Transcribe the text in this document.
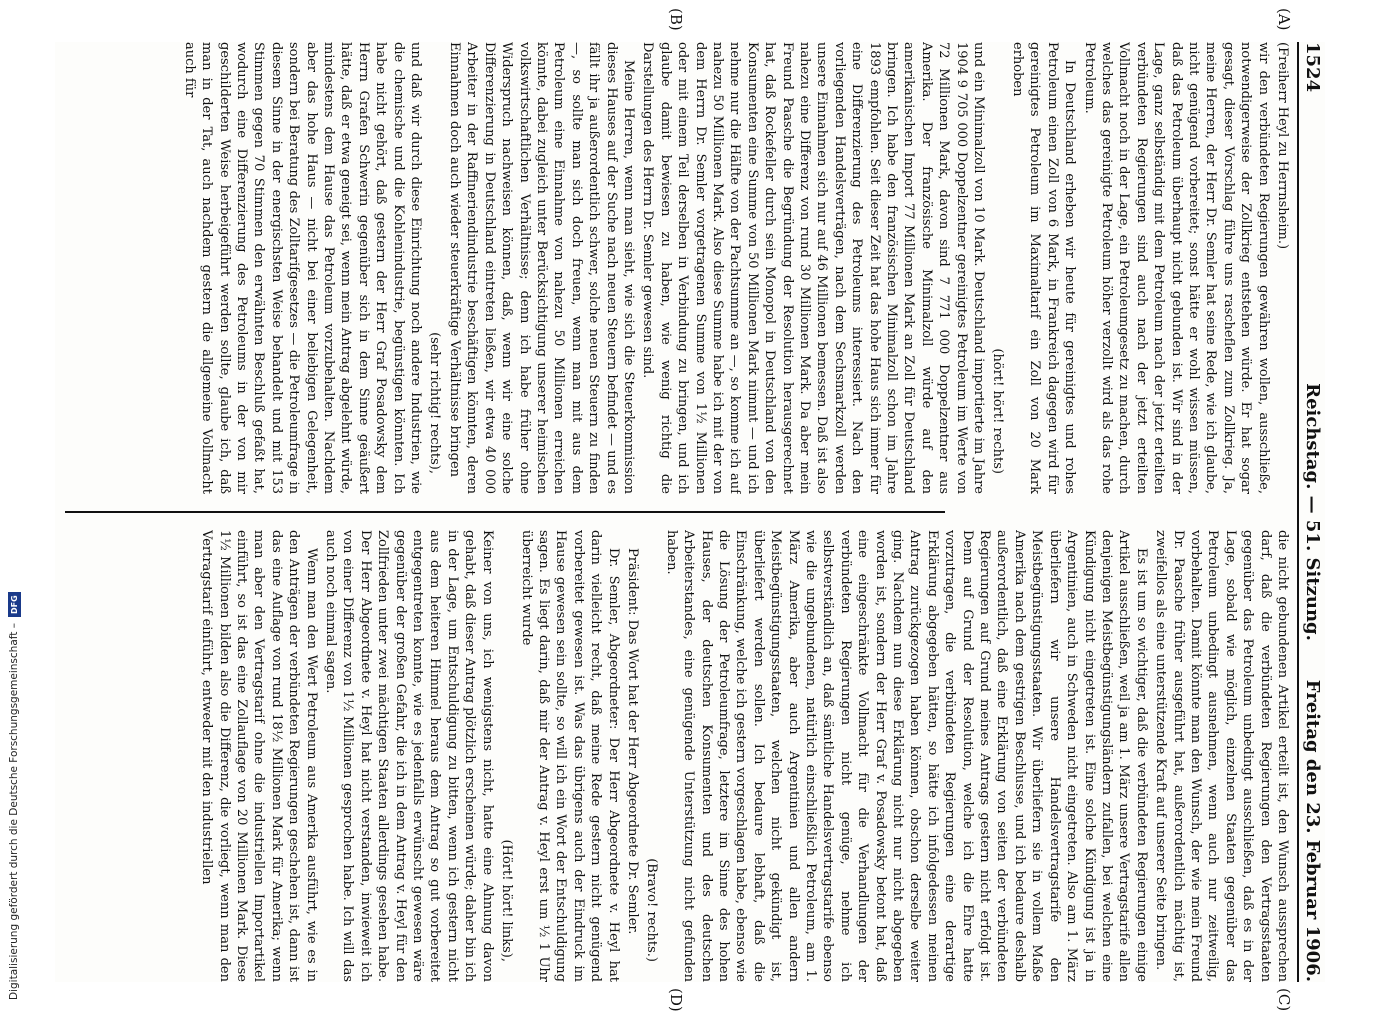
1524
Reichstag. — 51. Sitzung.
Freitag den 23. Februar 1906.
(A)
(B)
(C)
(D)

(Freiherr Heyl zu Herrnsheim.)

wir den verbündeten Regierungen gewähren wollen, ausschließe, notwendigerweise der Zollkrieg entstehen würde. Er hat sogar gesagt, dieser Vorschlag führe uns rascheflen zum Zollkrieg. Ja, meine Herren, der Herr Dr. Semler hat seine Rede, wie ich glaube, nicht genügend vorbereitet; sonst hätte er wohl wissen müssen, daß das Petroleum überhaupt nicht gebunden ist. Wir sind in der Lage, ganz selbständig mit dem Petroleum nach der jetzt erteilten verbündeten Regierungen sind auch nach der jetzt erteilten Vollmacht noch in der Lage, ein Petroleumgesetz zu machen, durch welches das gereinigte Petroleum höher verzollt wird als das rohe Petroleum.

In Deutschland erheben wir heute für gereinigtes und rohes Petroleum einen Zoll von 6 Mark, in Frankreich dagegen wird für gereinigtes Petroleum im Maximaltarif ein Zoll von 20 Mark erhoben

(hört! hört! rechts)

und ein Minimalzoll von 10 Mark. Deutschland importierte im Jahre 1904 9 705 000 Doppelzentner gereinigtes Petroleum im Werte von 72 Millionen Mark, davon sind 7 771 000 Doppelzentner aus Amerika. Der französische Minimalzoll würde auf den amerikanischen Import 77 Millionen Mark an Zoll für Deutschland bringen. Ich habe den französischen Minimalzoll schon im Jahre 1893 empfohlen. Seit dieser Zeit hat das hohe Haus sich immer für eine Differenzierung des Petroleums interessiert. Nach den vorliegenden Handelsverträgen, nach dem Sechsmarkzoll werden unsere Einnahmen sich nur auf 46 Millionen bemessen. Daß ist also nahezu eine Differenz von rund 30 Millionen Mark. Da aber mein Freund Paasche die Begründung der Resolution herausgerechnet hat, daß Rockefeller durch sein Monopol in Deutschland von den Konsumenten eine Summe von 50 Millionen Mark nimmt — und ich nehme nur die Hälfte von der Pachtsumme an —, so komme ich auf nahezu 50 Millionen Mark. Also diese Summe habe ich mit der von dem Herrn Dr. Semler vorgetragenen Summe von 1½ Millionen oder mit einem Teil derselben in Verbindung zu bringen, und ich glaube damit bewiesen zu haben, wie wenig richtig die Darstellungen des Herrn Dr. Semler gewesen sind.

Meine Herren, wenn man sieht, wie sich die Steuerkommission dieses Hauses auf der Suche nach neuen Steuern befindet — und es fällt ihr ja außerordentlich schwer, solche neuen Steuern zu finden —, so sollte man sich doch freuen, wenn man mit aus dem Petroleum eine Einnahme von nahezu 50 Millionen erreichen könnte, dabei zugleich unter Berücksichtigung unserer heimischen volkswirtschaftlichen Verhältnisse; denn ich habe früher ohne Widerspruch nachweisen können, daß, wenn wir eine solche Differenzierung in Deutschland eintreten ließen, wir etwa 40 000 Arbeiter in der Raffineriendindustrie beschäftigen könnten, deren Einnahmen doch auch wieder steuerkräftige Verhältnisse bringen

(sehr richtig! rechts),

und daß wir durch diese Einrichtung noch andere Industrien, wie die chemische und die Kohlenindustrie, begünstigen könnten. Ich habe nicht gehört, daß gestern der Herr Graf Posadowsky dem Herrn Grafen Schwerin gegenüber sich in dem Sinne geäußert hätte, daß er etwa geneigt sei, wenn mein Antrag abgelehnt würde, mindestens dem Hause das Petroleum vorzubehalten. Nachdem aber das hohe Haus — nicht bei einer beliebigen Gelegenheit, sondern bei Beratung des Zolltarifgesetzes — die Petroleumfrage in diesem Sinne in der energischsten Weise behandelt und mit 153 Stimmen gegen 70 Stimmen den erwähnten Beschluß gefaßt hat, wodurch eine Differenzierung des Petroleums in der von mir geschilderten Weise herbeigeführt werden sollte, glaube ich, daß man in der Tat, auch nachdem gestern die allgemeine Vollmacht auch für

die nicht gebundenen Artikel erteilt ist, den Wunsch aussprechen darf, daß die verbündeten Regierungen den Vertragsstaaten gegenüber das Petroleum unbedingt ausschließen, daß es in der Lage, sobald wie möglich, einzelnen Staaten gegenüber das Petroleum unbedingt ausnehmen, wenn auch nur zeitweilig, vorbehalten. Damit könnte man den Wunsch, der wie mein Freund Dr. Paasche früher ausgeführt hat, außerordentlich mächtig ist, zweifellos als eine unterstützende Kraft auf unserer Seite bringen.

Es ist um so wichtiger, daß die verbündeten Regierungen einige Artikel ausschließen, weil ja am 1. März unsere Vertragstarife allen denjenigen Meistbegünstigungsländern zufallen, bei welchen eine Kündigung nicht eingetreten ist. Eine solche Kündigung ist ja in Argentinien, auch in Schweden nicht eingetreten. Also am 1. März überliefern wir unsere Handelsvertragstarife den Meistbegünstigungsstaaten. Wir überliefern sie in vollem Maße Amerika nach dem gestrigen Beschlusse, und ich bedaure deshalb außerordentlich, daß eine Erklärung von seiten der verbündeten Regierungen auf Grund meines Antrags gestern nicht erfolgt ist. Denn auf Grund der Resolution, welche ich die Ehre hatte vorzutragen, die verbündeten Regierungen eine derartige Erklärung abgegeben hätten, so hätte ich infolgedessen meinen Antrag zurückgezogen haben können, obschon derselbe weiter ging. Nachdem nun diese Erklärung nicht nur nicht abgegeben worden ist, sondern der Herr Graf v. Posadowsky betont hat, daß eine eingeschränkte Vollmacht für die Verhandlungen der verbündeten Regierungen nicht genüge, nehme ich selbstverständlich an, daß sämtliche Handelsvertragstarife ebenso wie die ungebundenen, natürlich einschließlich Petroleum, am 1. März Amerika, aber auch Argentinien und allen andern Meistbegünstigungsstaaten, welchen nicht gekündigt ist, überliefert werden sollen. Ich bedaure lebhaft, daß die Einschränkung, welche ich gestern vorgeschlagen habe, ebenso wie die Lösung der Petroleumfrage, letztere im Sinne des hohen Hauses, der deutschen Konsumenten und des deutschen Arbeiterstandes, eine genügende Unterstützung nicht gefunden haben.

(Bravo! rechts.)

Präsident: Das Wort hat der Herr Abgeordnete Dr. Semler.

Dr. Semler, Abgeordneter: Der Herr Abgeordnete v. Heyl hat darin vielleicht recht, daß meine Rede gestern nicht genügend vorbereitet gewesen ist. Was das übrigens auch der Eindruck im Hause gewesen sein sollte, so will ich ein Wort der Entschuldigung sagen. Es liegt darin, daß mir der Antrag v. Heyl erst um ½ 1 Uhr überreicht wurde

(Hört! hört! links),

Keiner von uns, ich wenigstens nicht, hatte eine Ahnung davon gehabt, daß dieser Antrag plötzlich erscheinen würde; daher bin ich in der Lage, um Entschuldigung zu bitten, wenn ich gestern nicht aus dem heiteren Himmel heraus dem Antrag so gut vorbereitet entgegentreten konnte, wie es jedenfalls erwünscht gewesen wäre gegenüber der großen Gefahr, die ich in dem Antrag v. Heyl für den Zollfrieden unter zwei mächtigen Staaten allerdings gesehen habe. Der Herr Abgeordnete v. Heyl hat nicht verstanden, inwieweit ich von einer Differenz von 1½ Millionen gesprochen habe. Ich will das auch noch einmal sagen.

Wenn man den Wert Petroleum aus Amerika ausführt, wie es in den Anträgen der verbündeten Regierungen geschehen ist, dann ist das eine Auflage von rund 18½ Millionen Mark für Amerika; wenn man aber den Vertragstarif ohne die industriellen Importartikel einführt, so ist das eine Zollauflage von 20 Millionen Mark. Diese 1½ Millionen bilden also die Differenz, die vorliegt, wenn man den Vertragstarif einführt, entweder mit den industriellen

Digitalisierung gefördert durch die Deutsche Forschungsgemeinschaft –
DFG
